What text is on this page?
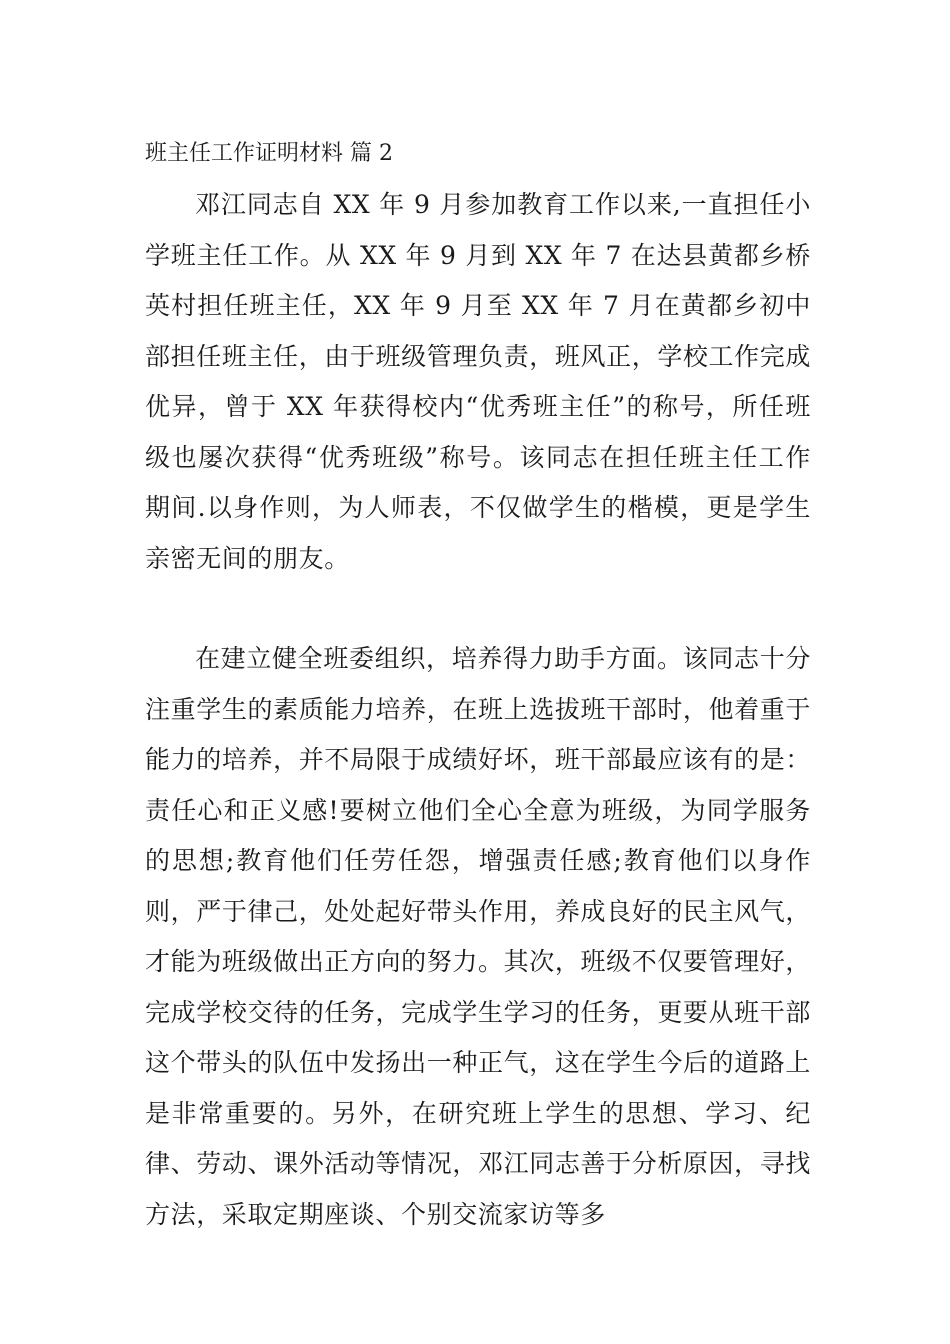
班主任工作证明材料 篇 2

邓江同志自 XX 年 9 月参加教育工作以来,一直担任小学班主任工作。从 XX 年 9 月到 XX 年 7 在达县黄都乡桥英村担任班主任，XX 年 9 月至 XX 年 7 月在黄都乡初中部担任班主任，由于班级管理负责，班风正，学校工作完成优异，曾于 XX 年获得校内“优秀班主任”的称号，所任班级也屡次获得“优秀班级”称号。该同志在担任班主任工作期间.以身作则，为人师表，不仅做学生的楷模，更是学生亲密无间的朋友。

在建立健全班委组织，培养得力助手方面。该同志十分注重学生的素质能力培养，在班上选拔班干部时，他着重于能力的培养，并不局限于成绩好坏，班干部最应该有的是：责任心和正义感!要树立他们全心全意为班级，为同学服务的思想;教育他们任劳任怨，增强责任感;教育他们以身作则，严于律己，处处起好带头作用，养成良好的民主风气，才能为班级做出正方向的努力。其次，班级不仅要管理好，完成学校交待的任务，完成学生学习的任务，更要从班干部这个带头的队伍中发扬出一种正气，这在学生今后的道路上是非常重要的。另外，在研究班上学生的思想、学习、纪律、劳动、课外活动等情况，邓江同志善于分析原因，寻找方法，采取定期座谈、个别交流家访等多
